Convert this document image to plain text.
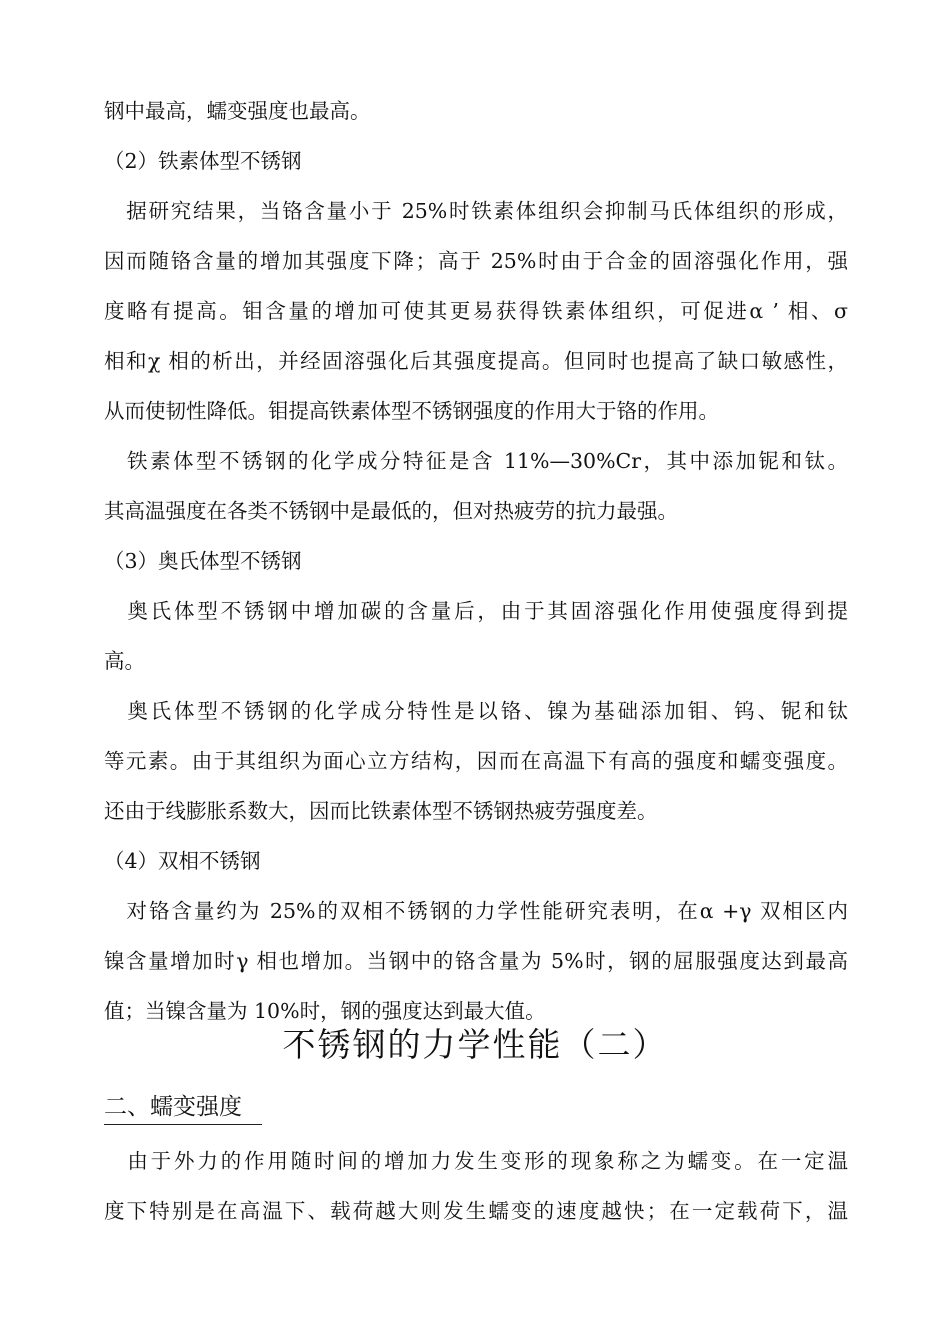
钢中最高，蠕变强度也最高。
（2）铁素体型不锈钢
　据研究结果，当铬含量小于 25%时铁素体组织会抑制马氏体组织的形成，
因而随铬含量的增加其强度下降；高于 25%时由于合金的固溶强化作用，强
度略有提高。钼含量的增加可使其更易获得铁素体组织，可促进α ’ 相、σ
相和χ 相的析出，并经固溶强化后其强度提高。但同时也提高了缺口敏感性，
从而使韧性降低。钼提高铁素体型不锈钢强度的作用大于铬的作用。
　铁素体型不锈钢的化学成分特征是含 11%—30%Cr，其中添加铌和钛。
其高温强度在各类不锈钢中是最低的，但对热疲劳的抗力最强。
（3）奥氏体型不锈钢
　奥氏体型不锈钢中增加碳的含量后，由于其固溶强化作用使强度得到提
高。
　奥氏体型不锈钢的化学成分特性是以铬、镍为基础添加钼、钨、铌和钛
等元素。由于其组织为面心立方结构，因而在高温下有高的强度和蠕变强度。
还由于线膨胀系数大，因而比铁素体型不锈钢热疲劳强度差。
（4）双相不锈钢
　对铬含量约为 25%的双相不锈钢的力学性能研究表明，在α +γ 双相区内
镍含量增加时γ 相也增加。当钢中的铬含量为 5%时，钢的屈服强度达到最高
值；当镍含量为 10%时，钢的强度达到最大值。
不锈钢的力学性能（二）
二、蠕变强度
　由于外力的作用随时间的增加力发生变形的现象称之为蠕变。在一定温
度下特别是在高温下、载荷越大则发生蠕变的速度越快；在一定载荷下，温
